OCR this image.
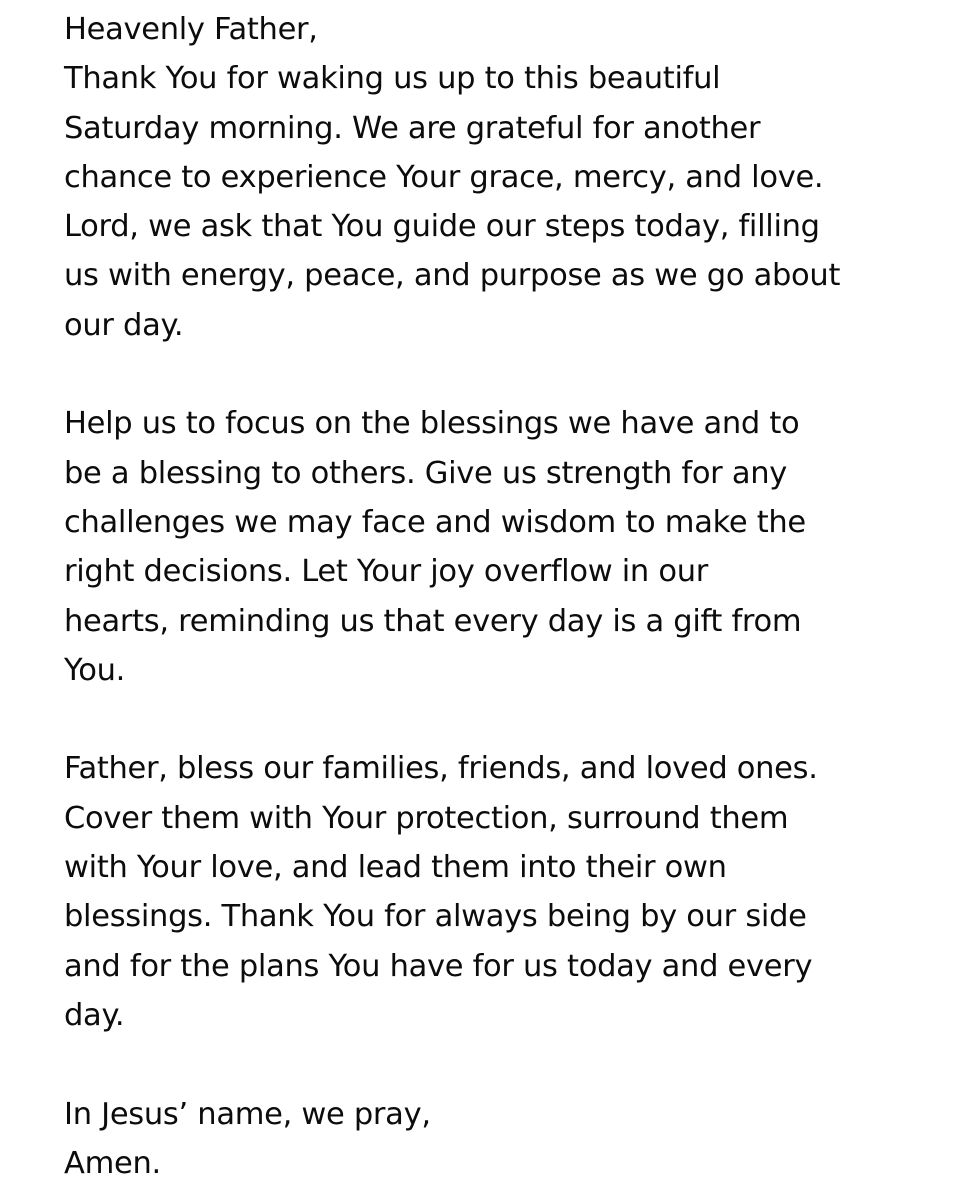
Heavenly Father,
Thank You for waking us up to this beautiful
Saturday morning. We are grateful for another
chance to experience Your grace, mercy, and love.
Lord, we ask that You guide our steps today, filling
us with energy, peace, and purpose as we go about
our day.
Help us to focus on the blessings we have and to
be a blessing to others. Give us strength for any
challenges we may face and wisdom to make the
right decisions. Let Your joy overflow in our
hearts, reminding us that every day is a gift from
You.
Father, bless our families, friends, and loved ones.
Cover them with Your protection, surround them
with Your love, and lead them into their own
blessings. Thank You for always being by our side
and for the plans You have for us today and every
day.
In Jesus’ name, we pray,
Amen.
